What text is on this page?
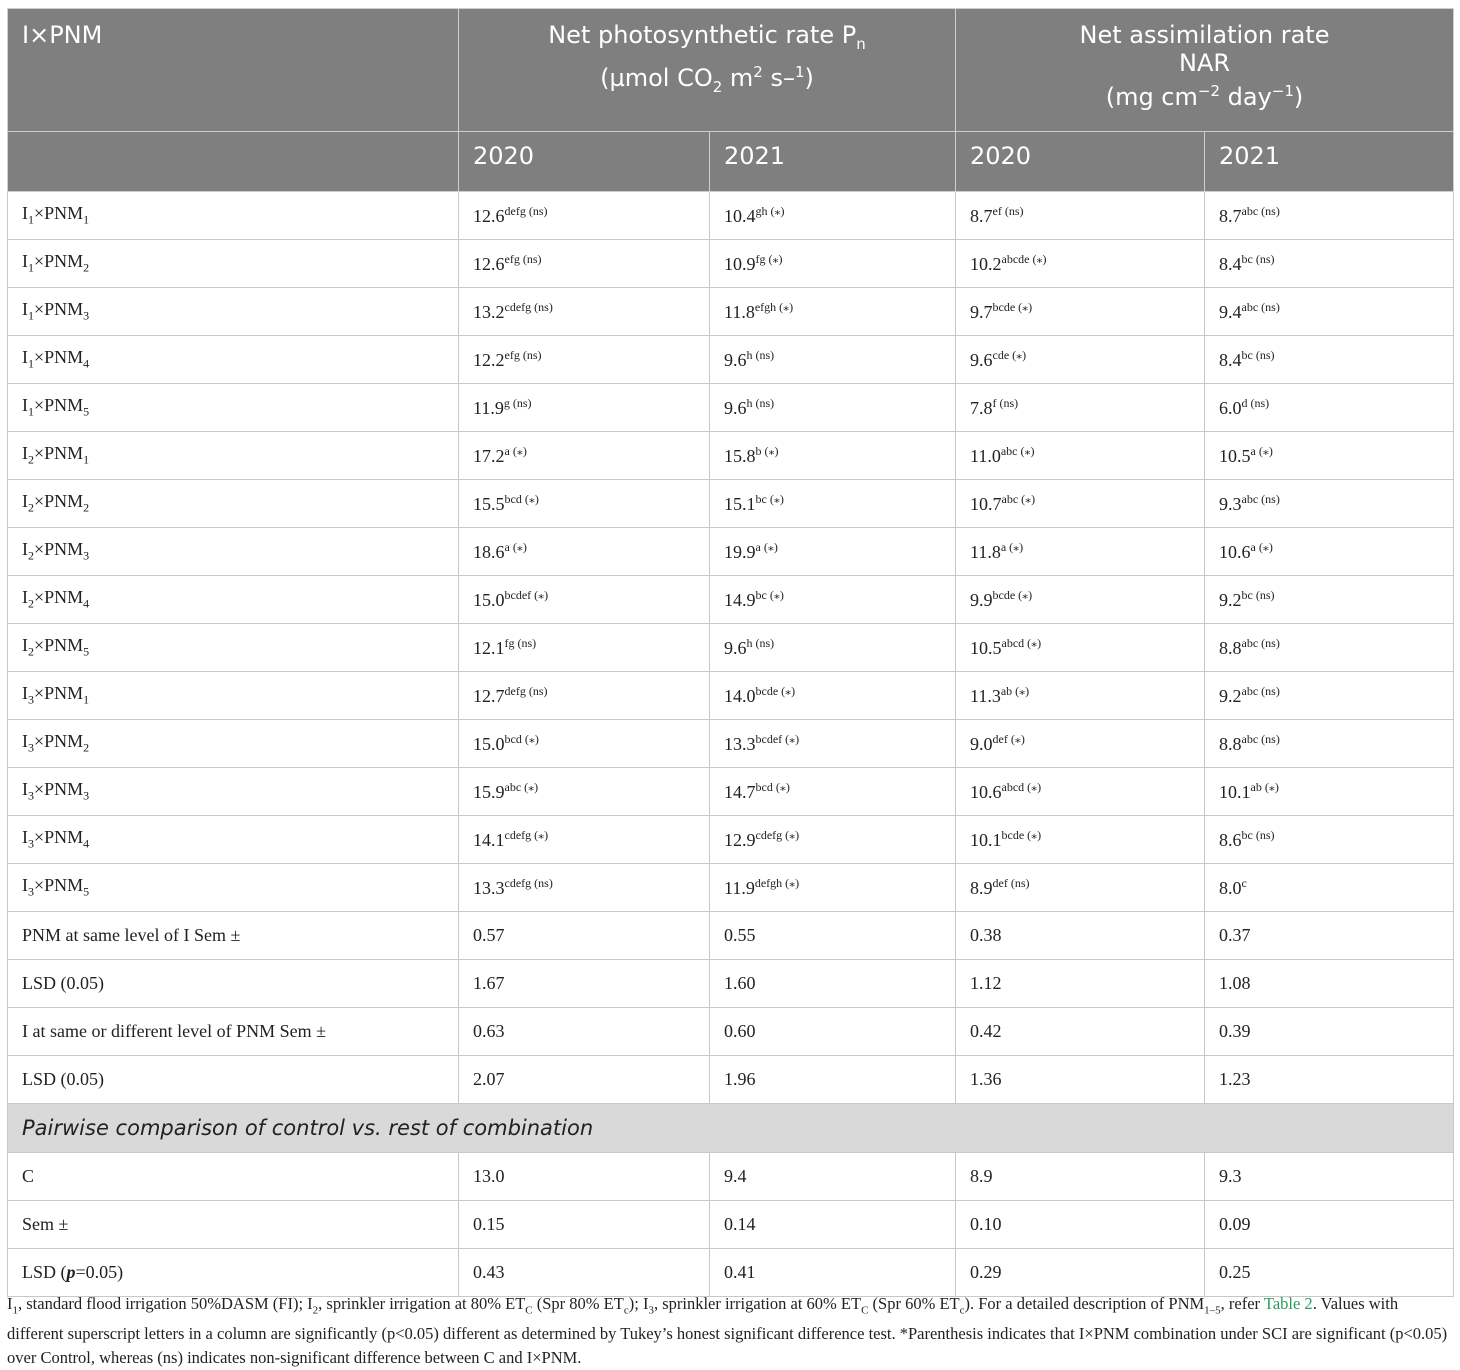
I×PNM	Net photosynthetic rate $P_n$
(µmol $CO_2$ $m^2$ s–$^1$)		Net assimilation rate
NAR
(mg $cm^{-2}$ day$^{-1}$)	
	2020	2021	2020	2021
$I_1\times PNM_1$	$12.6^{defg (ns)}$	$10.4^{gh (⁎)}$	$8.7^{ef (ns)}$	$8.7^{abc (ns)}$
$I_1\times PNM_2$	$12.6^{efg (ns)}$	$10.9^{fg (⁎)}$	$10.2^{abcde (⁎)}$	$8.4^{bc (ns)}$
$I_1\times PNM_3$	$13.2^{cdefg (ns)}$	$11.8^{efgh (⁎)}$	$9.7^{bcde (⁎)}$	$9.4^{abc (ns)}$
$I_1\times PNM_4$	$12.2^{efg (ns)}$	$9.6^{h (ns)}$	$9.6^{cde (⁎)}$	$8.4^{bc (ns)}$
$I_1\times PNM_5$	$11.9^{g (ns)}$	$9.6^{h (ns)}$	$7.8^{f (ns)}$	$6.0^{d (ns)}$
$I_2\times PNM_1$	$17.2^{a (⁎)}$	$15.8^{b (⁎)}$	$11.0^{abc (⁎)}$	$10.5^{a (⁎)}$
$I_2\times PNM_2$	$15.5^{bcd (⁎)}$	$15.1^{bc (⁎)}$	$10.7^{abc (⁎)}$	$9.3^{abc (ns)}$
$I_2\times PNM_3$	$18.6^{a (⁎)}$	$19.9^{a (⁎)}$	$11.8^{a (⁎)}$	$10.6^{a (⁎)}$
$I_2\times PNM_4$	$15.0^{bcdef (⁎)}$	$14.9^{bc (⁎)}$	$9.9^{bcde (⁎)}$	$9.2^{bc (ns)}$
$I_2\times PNM_5$	$12.1^{fg (ns)}$	$9.6^{h (ns)}$	$10.5^{abcd (⁎)}$	$8.8^{abc (ns)}$
$I_3\times PNM_1$	$12.7^{defg (ns)}$	$14.0^{bcde (⁎)}$	$11.3^{ab (⁎)}$	$9.2^{abc (ns)}$
$I_3\times PNM_2$	$15.0^{bcd (⁎)}$	$13.3^{bcdef (⁎)}$	$9.0^{def (⁎)}$	$8.8^{abc (ns)}$
$I_3\times PNM_3$	$15.9^{abc (⁎)}$	$14.7^{bcd (⁎)}$	$10.6^{abcd (⁎)}$	$10.1^{ab (⁎)}$
$I_3\times PNM_4$	$14.1^{cdefg (⁎)}$	$12.9^{cdefg (⁎)}$	$10.1^{bcde (⁎)}$	$8.6^{bc (ns)}$
$I_3\times PNM_5$	$13.3^{cdefg (ns)}$	$11.9^{defgh (⁎)}$	$8.9^{def (ns)}$	8.0$^c$
PNM at same level of I Sem ±	0.57	0.55	0.38	0.37
LSD (0.05)	1.67	1.60	1.12	1.08
I at same or different level of PNM Sem ±	0.63	0.60	0.42	0.39
LSD (0.05)	2.07	1.96	1.36	1.23
Pairwise comparison of control vs. rest of combination				
C	13.0	9.4	8.9	9.3
Sem ±	0.15	0.14	0.10	0.09
LSD (p=0.05)	0.43	0.41	0.29	0.25
$I_1$, standard flood irrigation 50%DASM (FI); $I_2$, sprinkler irrigation at 80% $ET_C$ (Spr 80% $ET_c$); $I_3$, sprinkler irrigation at 60% $ET_C$ (Spr 60% $ET_c$). For a detailed description of $PNM_{1-5}$, refer Table 2. Values with different superscript letters in a column are significantly (p<0.05) different as determined by Tukey’s honest significant difference test. *Parenthesis indicates that I×PNM combination under SCI are significant (p<0.05) over Control, whereas (ns) indicates non-significant difference between C and I×PNM.
